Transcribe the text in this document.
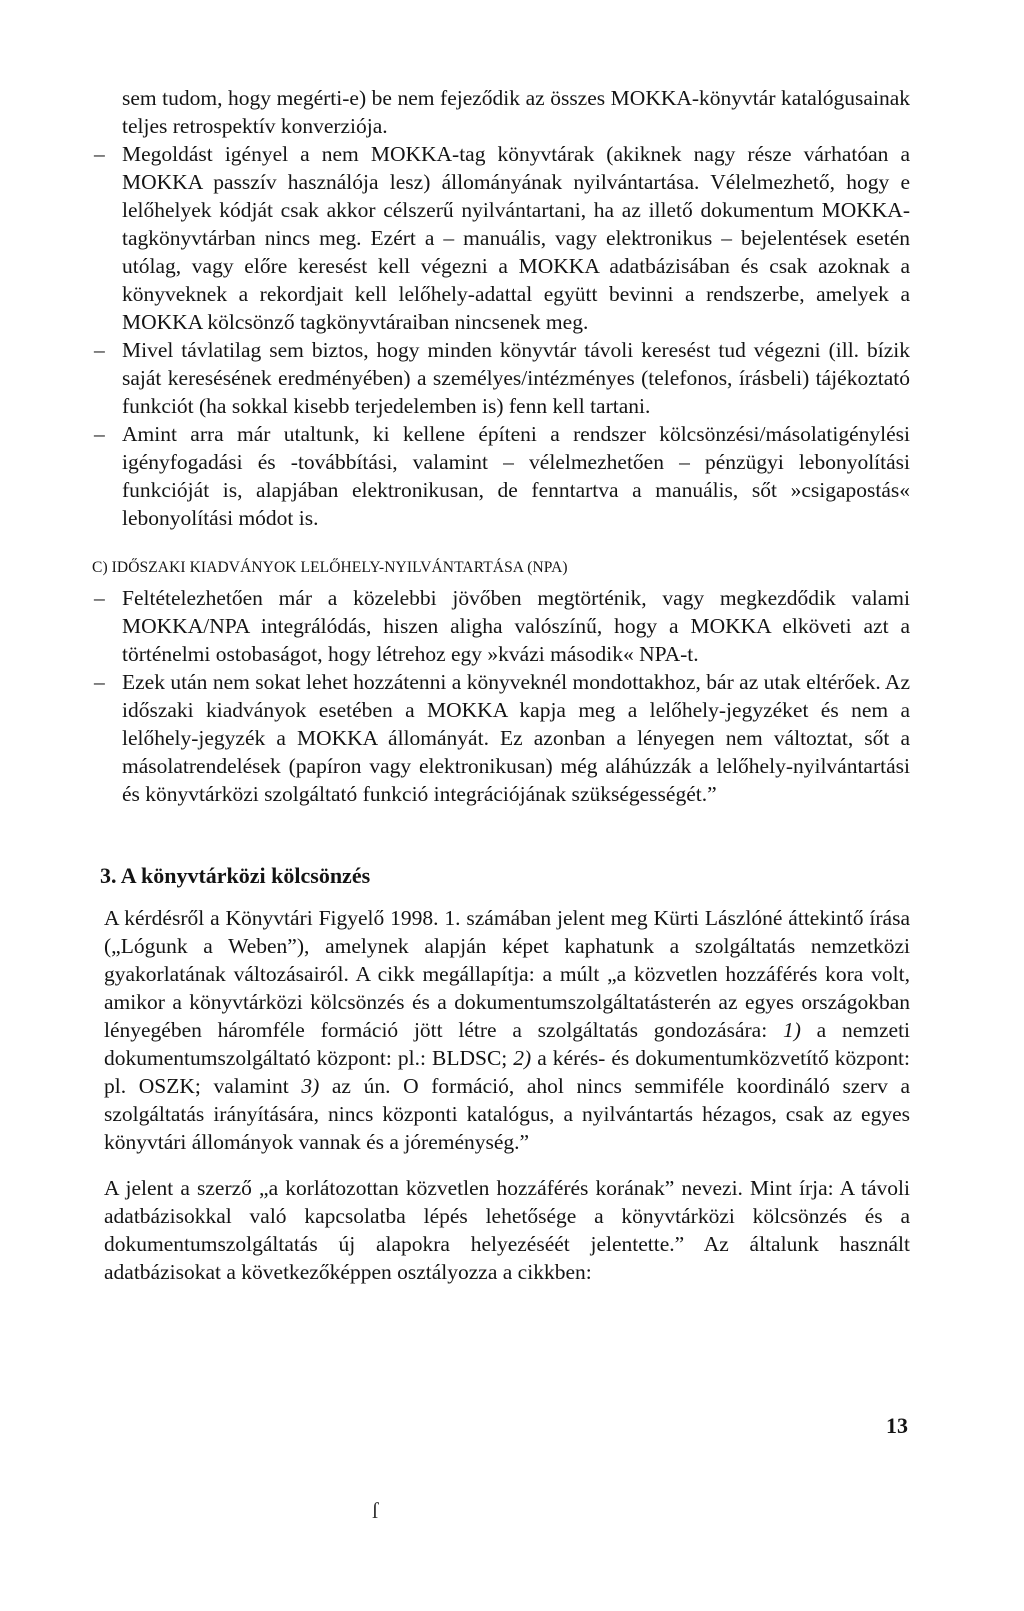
sem tudom, hogy megérti-e) be nem fejeződik az összes MOKKA-könyvtár katalógusainak teljes retrospektív konverziója.

– Megoldást igényel a nem MOKKA-tag könyvtárak (akiknek nagy része várhatóan a MOKKA passzív használója lesz) állományának nyilvántartása. Vélelmezhető, hogy e lelőhelyek kódját csak akkor célszerű nyilvántartani, ha az illető dokumentum MOKKA-tagkönyvtárban nincs meg. Ezért a – manuális, vagy elektronikus – bejelentések esetén utólag, vagy előre keresést kell végezni a MOKKA adatbázisában és csak azoknak a könyveknek a rekordjait kell lelőhely-adattal együtt bevinni a rendszerbe, amelyek a MOKKA kölcsönző tagkönyvtáraiban nincsenek meg.

– Mivel távlatilag sem biztos, hogy minden könyvtár távoli keresést tud végezni (ill. bízik saját keresésének eredményében) a személyes/intézményes (telefonos, írásbeli) tájékoztató funkciót (ha sokkal kisebb terjedelemben is) fenn kell tartani.

– Amint arra már utaltunk, ki kellene építeni a rendszer kölcsönzési/másolatigénylési igényfogadási és -továbbítási, valamint – vélelmezhetően – pénzügyi lebonyolítási funkcióját is, alapjában elektronikusan, de fenntartva a manuális, sőt »csigapostás« lebonyolítási módot is.

C) IDŐSZAKI KIADVÁNYOK LELŐHELY-NYILVÁNTARTÁSA (NPA)

– Feltételezhetően már a közelebbi jövőben megtörténik, vagy megkezdődik valami MOKKA/NPA integrálódás, hiszen aligha valószínű, hogy a MOKKA elköveti azt a történelmi ostobaságot, hogy létrehoz egy »kvázi második« NPA-t.

– Ezek után nem sokat lehet hozzátenni a könyveknél mondottakhoz, bár az utak eltérőek. Az időszaki kiadványok esetében a MOKKA kapja meg a lelőhely-jegyzéket és nem a lelőhely-jegyzék a MOKKA állományát. Ez azonban a lényegen nem változtat, sőt a másolatrendelések (papíron vagy elektronikusan) még aláhúzzák a lelőhely-nyilvántartási és könyvtárközi szolgáltató funkció integrációjának szükségességét.”

3. A könyvtárközi kölcsönzés

A kérdésről a Könyvtári Figyelő 1998. 1. számában jelent meg Kürti Lászlóné áttekintő írása („Lógunk a Weben”), amelynek alapján képet kaphatunk a szolgáltatás nemzetközi gyakorlatának változásairól. A cikk megállapítja: a múlt „a közvetlen hozzáférés kora volt, amikor a könyvtárközi kölcsönzés és a dokumentumszolgáltatásterén az egyes országokban lényegében háromféle formáció jött létre a szolgáltatás gondozására: 1) a nemzeti dokumentumszolgáltató központ: pl.: BLDSC; 2) a kérés- és dokumentumközvetítő központ: pl. OSZK; valamint 3) az ún. O formáció, ahol nincs semmiféle koordináló szerv a szolgáltatás irányítására, nincs központi katalógus, a nyilvántartás hézagos, csak az egyes könyvtári állományok vannak és a jóreménység.”

A jelent a szerző „a korlátozottan közvetlen hozzáférés korának” nevezi. Mint írja: A távoli adatbázisokkal való kapcsolatba lépés lehetősége a könyvtárközi kölcsönzés és a dokumentumszolgáltatás új alapokra helyezéséét jelentette.” Az általunk használt adatbázisokat a következőképpen osztályozza a cikkben:

13
ſ
